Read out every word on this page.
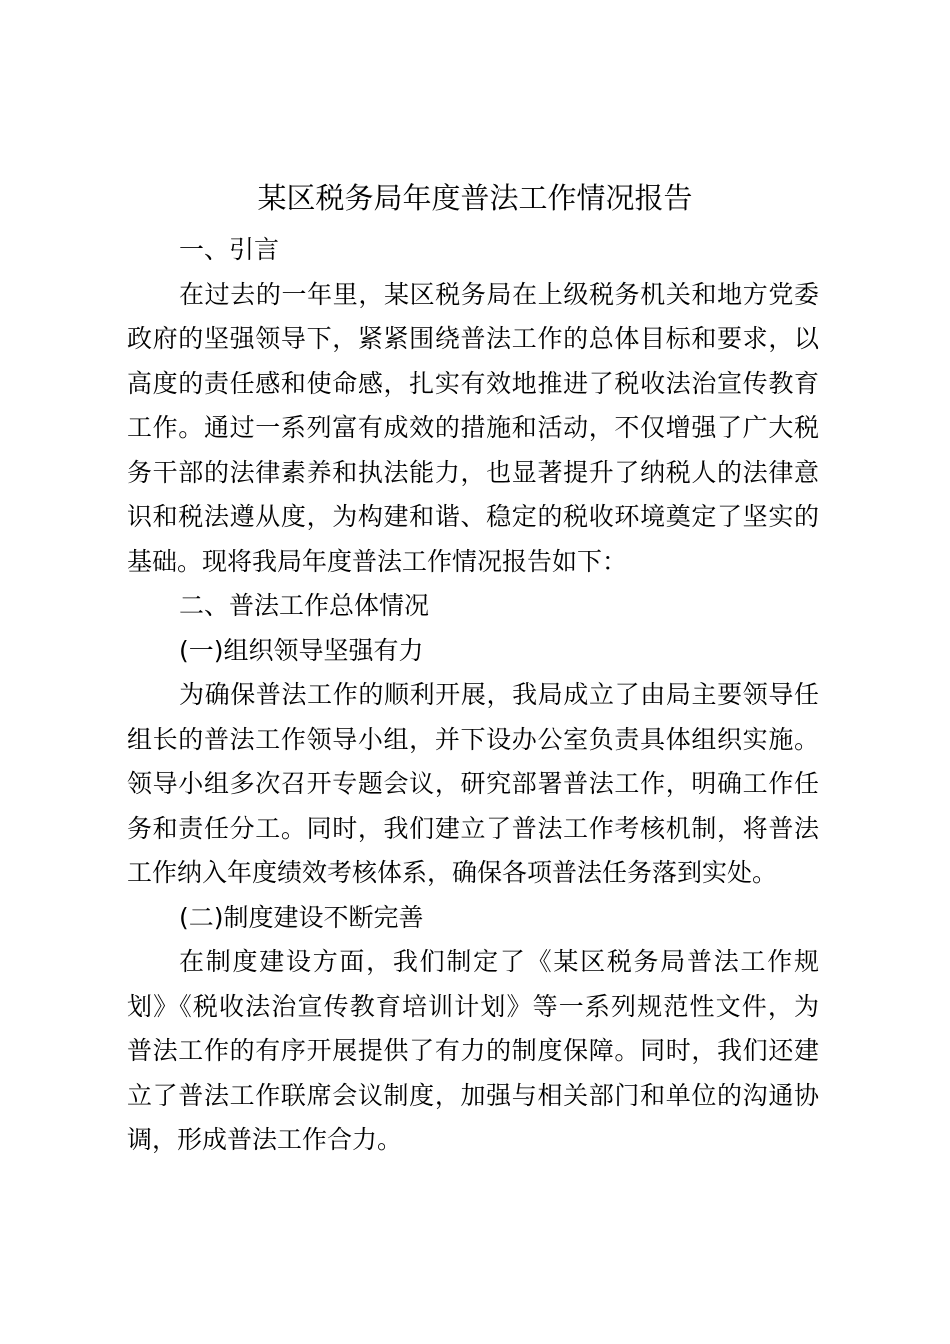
某区税务局年度普法工作情况报告
一、引言

在过去的一年里，某区税务局在上级税务机关和地方党委
政府的坚强领导下，紧紧围绕普法工作的总体目标和要求，以
高度的责任感和使命感，扎实有效地推进了税收法治宣传教育
工作。通过一系列富有成效的措施和活动，不仅增强了广大税
务干部的法律素养和执法能力，也显著提升了纳税人的法律意
识和税法遵从度，为构建和谐、稳定的税收环境奠定了坚实的
基础。现将我局年度普法工作情况报告如下：

二、普法工作总体情况
(一)组织领导坚强有力

为确保普法工作的顺利开展，我局成立了由局主要领导任
组长的普法工作领导小组，并下设办公室负责具体组织实施。
领导小组多次召开专题会议，研究部署普法工作，明确工作任
务和责任分工。同时，我们建立了普法工作考核机制，将普法
工作纳入年度绩效考核体系，确保各项普法任务落到实处。

(二)制度建设不断完善

在制度建设方面，我们制定了《某区税务局普法工作规
划》《税收法治宣传教育培训计划》等一系列规范性文件，为
普法工作的有序开展提供了有力的制度保障。同时，我们还建
立了普法工作联席会议制度，加强与相关部门和单位的沟通协
调，形成普法工作合力。
